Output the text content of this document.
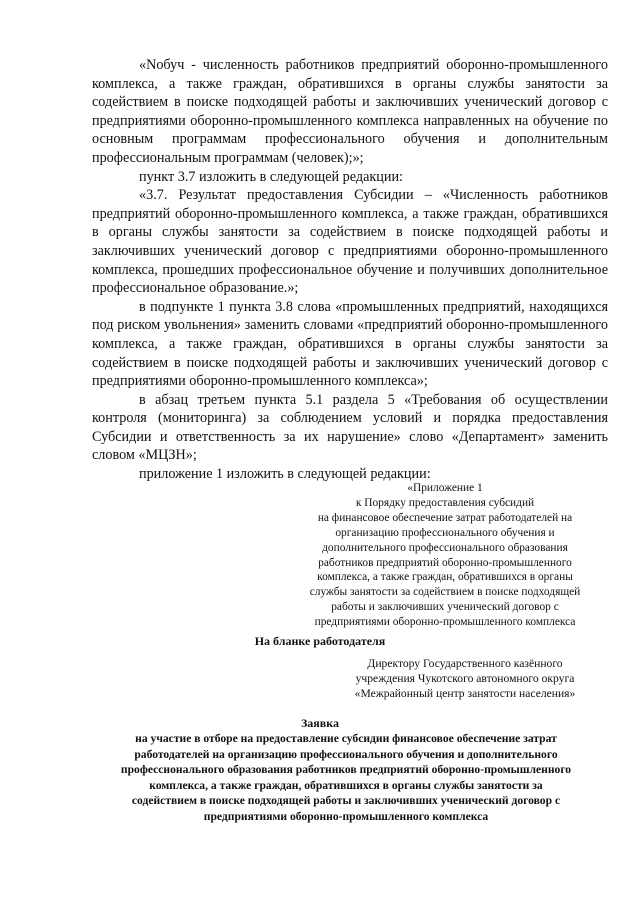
«Nобуч - численность работников предприятий оборонно-промышленного комплекса, а также граждан, обратившихся в органы службы занятости за содействием в поиске подходящей работы и заключивших ученический договор с предприятиями оборонно-промышленного комплекса направленных на обучение по основным программам профессионального обучения и дополнительным профессиональным программам (человек);»;

пункт 3.7 изложить в следующей редакции:

«3.7. Результат предоставления Субсидии – «Численность работников предприятий оборонно-промышленного комплекса, а также граждан, обратившихся в органы службы занятости за содействием в поиске подходящей работы и заключивших ученический договор с предприятиями оборонно-промышленного комплекса, прошедших профессиональное обучение и получивших дополнительное профессиональное образование.»;

в подпункте 1 пункта 3.8 слова «промышленных предприятий, находящихся под риском увольнения» заменить словами «предприятий оборонно-промышленного комплекса, а также граждан, обратившихся в органы службы занятости за содействием в поиске подходящей работы и заключивших ученический договор с предприятиями оборонно-промышленного комплекса»;

в абзац третьем пункта 5.1 раздела 5 «Требования об осуществлении контроля (мониторинга) за соблюдением условий и порядка предоставления Субсидии и ответственность за их нарушение» слово «Департамент» заменить словом «МЦЗН»;

приложение 1 изложить в следующей редакции:

«Приложение 1
к Порядку предоставления субсидий
на финансовое обеспечение затрат работодателей на
организацию профессионального обучения и
дополнительного профессионального образования
работников предприятий оборонно-промышленного
комплекса, а также граждан, обратившихся в органы
службы занятости за содействием в поиске подходящей
работы и заключивших ученический договор с
предприятиями оборонно-промышленного комплекса
На бланке работодателя
Директору Государственного казённого
учреждения Чукотского автономного округа
«Межрайонный центр занятости населения»
Заявка
на участие в отборе на предоставление субсидии финансовое обеспечение затрат
работодателей на организацию профессионального обучения и дополнительного
профессионального образования работников предприятий оборонно-промышленного
комплекса, а также граждан, обратившихся в органы службы занятости за
содействием в поиске подходящей работы и заключивших ученический договор с
предприятиями оборонно-промышленного комплекса
